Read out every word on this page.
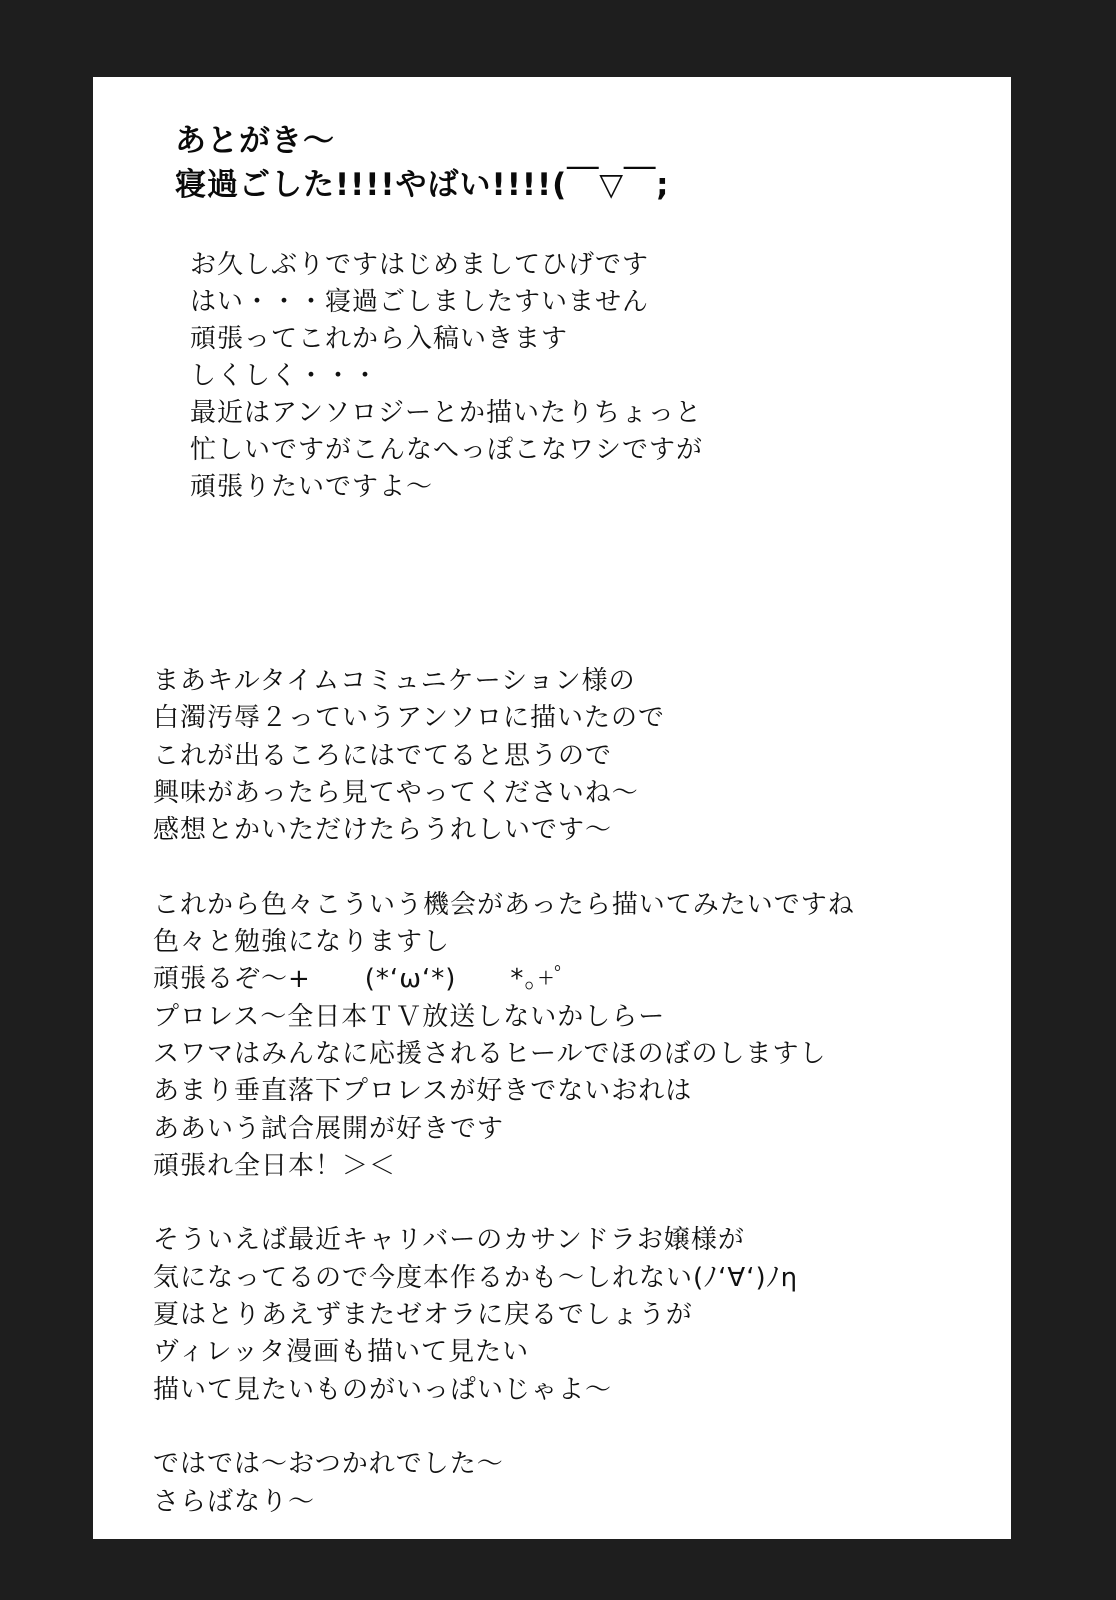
あとがき～
寝過ごした!!!!やばい!!!!(￣▽￣;
お久しぶりですはじめましてひげです
はい・・・寝過ごしましたすいません
頑張ってこれから入稿いきます
しくしく・・・
最近はアンソロジーとか描いたりちょっと
忙しいですがこんなへっぽこなワシですが
頑張りたいですよ～
まあキルタイムコミュニケーション様の
白濁汚辱２っていうアンソロに描いたので
これが出るころにはでてると思うので
興味があったら見てやってくださいね～
感想とかいただけたらうれしいです～
これから色々こういう機会があったら描いてみたいですね
色々と勉強になりますし
頑張るぞ～+　　(*‘ω‘*)　　*｡+ﾟ
プロレス～全日本ＴＶ放送しないかしらー
スワマはみんなに応援されるヒールでほのぼのしますし
あまり垂直落下プロレスが好きでないおれは
ああいう試合展開が好きです
頑張れ全日本！＞＜
そういえば最近キャリバーのカサンドラお嬢様が
気になってるので今度本作るかも～しれない(ﾉ‘∀‘)ﾉη
夏はとりあえずまたゼオラに戻るでしょうが
ヴィレッタ漫画も描いて見たい
描いて見たいものがいっぱいじゃよ～
ではでは～おつかれでした～
さらばなり～
